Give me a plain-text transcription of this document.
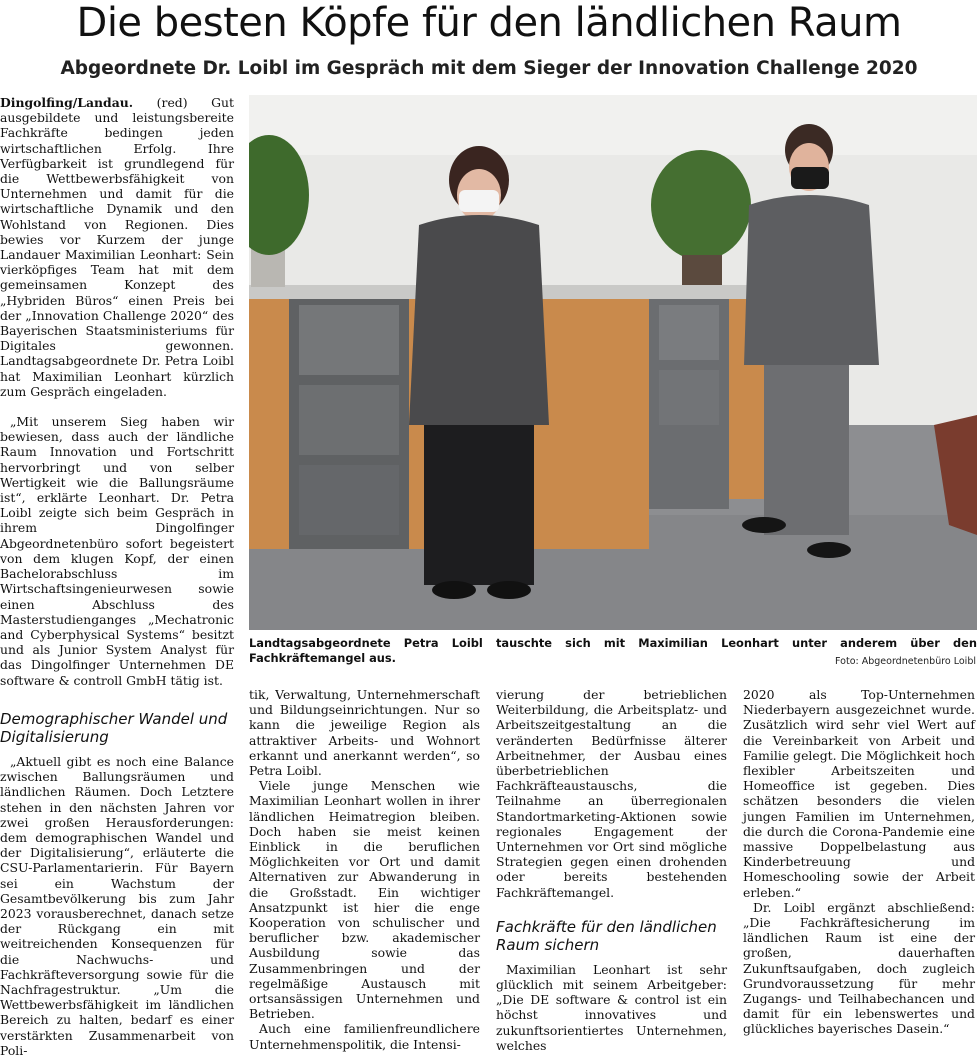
Die besten Köpfe für den ländlichen Raum
Abgeordnete Dr. Loibl im Gespräch mit dem Sieger der Innovation Challenge 2020

Dingolfing/Landau. (red) Gut ausgebildete und leistungsbereite Fachkräfte bedingen jeden wirtschaftlichen Erfolg. Ihre Verfügbarkeit ist grundlegend für die Wettbewerbsfähigkeit von Unternehmen und damit für die wirtschaftliche Dynamik und den Wohlstand von Regionen. Dies bewies vor Kurzem der junge Landauer Maximilian Leonhart: Sein vierköpfiges Team hat mit dem gemeinsamen Konzept des „Hybriden Büros“ einen Preis bei der „Innovation Challenge 2020“ des Bayerischen Staatsministeriums für Digitales gewonnen. Landtagsabgeordnete Dr. Petra Loibl hat Maximilian Leonhart kürzlich zum Gespräch eingeladen.

„Mit unserem Sieg haben wir bewiesen, dass auch der ländliche Raum Innovation und Fortschritt hervorbringt und von selber Wertigkeit wie die Ballungsräume ist“, erklärte Leonhart. Dr. Petra Loibl zeigte sich beim Gespräch in ihrem Dingolfinger Abgeordnetenbüro sofort begeistert von dem klugen Kopf, der einen Bachelorabschluss im Wirtschaftsingenieurwesen sowie einen Abschluss des Masterstudienganges „Mechatronic and Cyberphysical Systems“ besitzt und als Junior System Analyst für das Dingolfinger Unternehmen DE software & controll GmbH tätig ist.

Demographischer Wandel und Digitalisierung

„Aktuell gibt es noch eine Balance zwischen Ballungsräumen und ländlichen Räumen. Doch Letztere stehen in den nächsten Jahren vor zwei großen Herausforderungen: dem demographischen Wandel und der Digitalisierung“, erläuterte die CSU-Parlamentarierin. Für Bayern sei ein Wachstum der Gesamtbevölkerung bis zum Jahr 2023 vorausberechnet, danach setze der Rückgang ein mit weitreichenden Konsequenzen für die Nachwuchs- und Fachkräfteversorgung sowie für die Nachfragestruktur. „Um die Wettbewerbsfähigkeit im ländlichen Bereich zu halten, bedarf es einer verstärkten Zusammenarbeit von Poli-

tik, Verwaltung, Unternehmerschaft und Bildungseinrichtungen. Nur so kann die jeweilige Region als attraktiver Arbeits- und Wohnort erkannt und anerkannt werden“, so Petra Loibl.

Viele junge Menschen wie Maximilian Leonhart wollen in ihrer ländlichen Heimatregion bleiben. Doch haben sie meist keinen Einblick in die beruflichen Möglichkeiten vor Ort und damit Alternativen zur Abwanderung in die Großstadt. Ein wichtiger Ansatzpunkt ist hier die enge Kooperation von schulischer und beruflicher bzw. akademischer Ausbildung sowie das Zusammenbringen und der regelmäßige Austausch mit ortsansässigen Unternehmen und Betrieben.

Auch eine familienfreundlichere Unternehmenspolitik, die Intensi-

vierung der betrieblichen Weiterbildung, die Arbeitsplatz- und Arbeitszeitgestaltung an die veränderten Bedürfnisse älterer Arbeitnehmer, der Ausbau eines überbetrieblichen Fachkräfteaustauschs, die Teilnahme an überregionalen Standortmarketing-Aktionen sowie regionales Engagement der Unternehmen vor Ort sind mögliche Strategien gegen einen drohenden oder bereits bestehenden Fachkräftemangel.

Fachkräfte für den ländlichen Raum sichern

Maximilian Leonhart ist sehr glücklich mit seinem Arbeitgeber: „Die DE software & control ist ein höchst innovatives und zukunftsorientiertes Unternehmen, welches

2020 als Top-Unternehmen Niederbayern ausgezeichnet wurde. Zusätzlich wird sehr viel Wert auf die Vereinbarkeit von Arbeit und Familie gelegt. Die Möglichkeit hoch flexibler Arbeitszeiten und Homeoffice ist gegeben. Dies schätzen besonders die vielen jungen Familien im Unternehmen, die durch die Corona-Pandemie eine massive Doppelbelastung aus Kinderbetreuung und Homeschooling sowie der Arbeit erleben.“

Dr. Loibl ergänzt abschließend: „Die Fachkräftesicherung im ländlichen Raum ist eine der großen, dauerhaften Zukunftsaufgaben, doch zugleich Grundvoraussetzung für mehr Zugangs- und Teilhabechancen und damit für ein lebenswertes und glückliches bayerisches Dasein.“

Landtagsabgeordnete Petra Loibl tauschte sich mit Maximilian Leonhart unter anderem über den Fachkräftemangel aus.	Foto: Abgeordnetenbüro Loibl
